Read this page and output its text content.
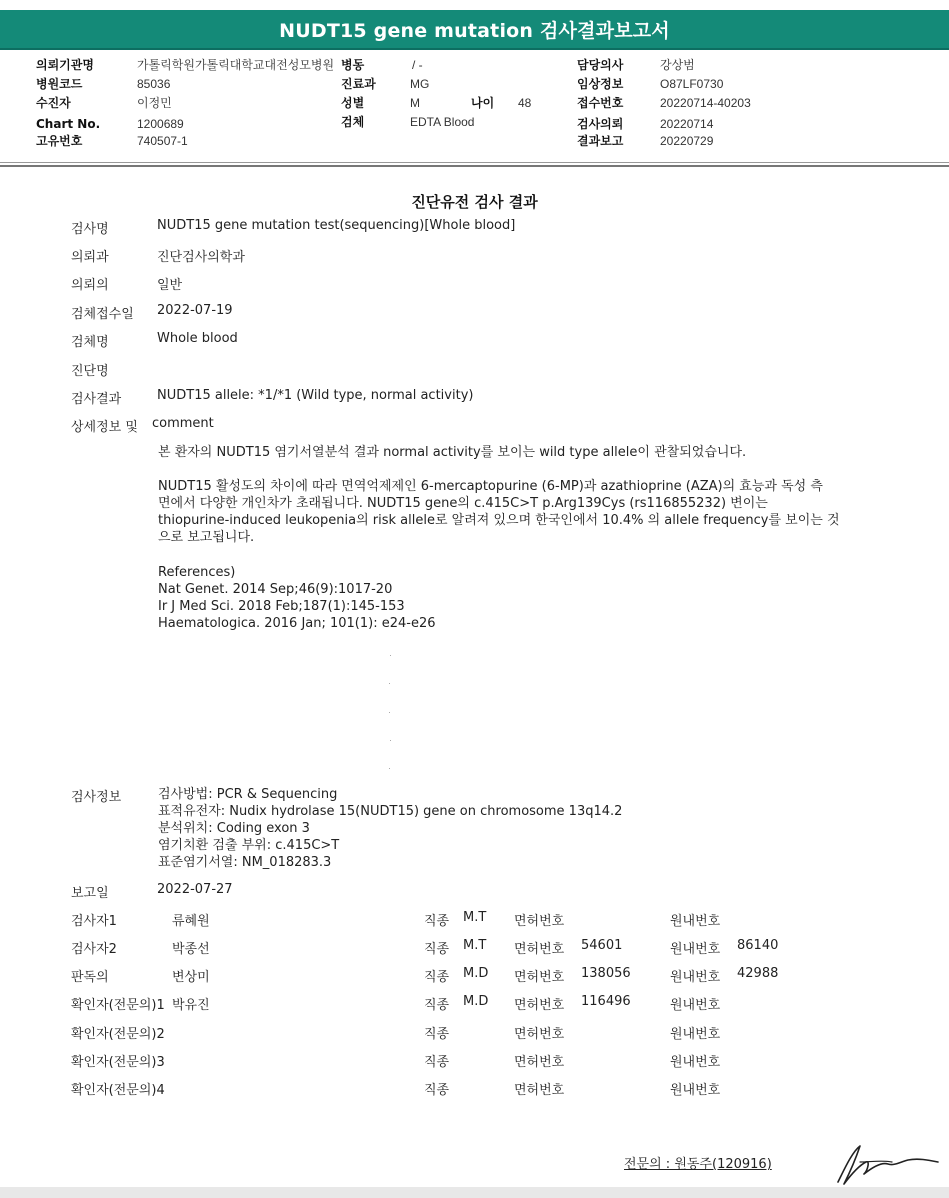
NUDT15 gene mutation 검사결과보고서
의뢰기관명	가톨릭학원가톨릭대학교대전성모병원
병원코드	85036
수진자	이정민
Chart No.	1200689
고유번호	740507-1
병동	/ -
진료과	MG
성별	M	나이 48
검체	EDTA Blood
담당의사	강상범
임상정보	O87LF0730
접수번호	20220714-40203
검사의뢰	20220714
결과보고	20220729
진단유전 검사 결과
검사명	NUDT15 gene mutation test(sequencing)[Whole blood]
의뢰과	진단검사의학과
의뢰의	일반
검체접수일 2022-07-19
검체명	Whole blood
진단명
검사결과	NUDT15 allele: *1/*1 (Wild type, normal activity)
상세정보 및 comment
본 환자의 NUDT15 염기서열분석 결과 normal activity를 보이는 wild type allele이 관찰되었습니다.
NUDT15 활성도의 차이에 따라 면역억제제인 6-mercaptopurine (6-MP)과 azathioprine (AZA)의 효능과 독성 측
면에서 다양한 개인차가 초래됩니다. NUDT15 gene의 c.415C>T p.Arg139Cys (rs116855232) 변이는
thiopurine-induced leukopenia의 risk allele로 알려져 있으며 한국인에서 10.4% 의 allele frequency를 보이는 것
으로 보고됩니다.
References)
Nat Genet. 2014 Sep;46(9):1017-20
Ir J Med Sci. 2018 Feb;187(1):145-153
Haematologica. 2016 Jan; 101(1): e24-e26
검사정보	검사방법: PCR & Sequencing
표적유전자: Nudix hydrolase 15(NUDT15) gene on chromosome 13q14.2
분석위치: Coding exon 3
염기치환 검출 부위: c.415C>T
표준염기서열: NM_018283.3
보고일	2022-07-27
검사자1	류혜원	직종 M.T 면허번호	원내번호
검사자2	박종선	직종 M.T 면허번호 54601	원내번호 86140
판독의	변상미	직종 M.D 면허번호 138056	원내번호 42988
확인자(전문의)1 박유진	직종 M.D 면허번호 116496	원내번호
확인자(전문의)2	직종	면허번호	원내번호
확인자(전문의)3	직종	면허번호	원내번호
확인자(전문의)4	직종	면허번호	원내번호
전문의 : 원동주(120916)
